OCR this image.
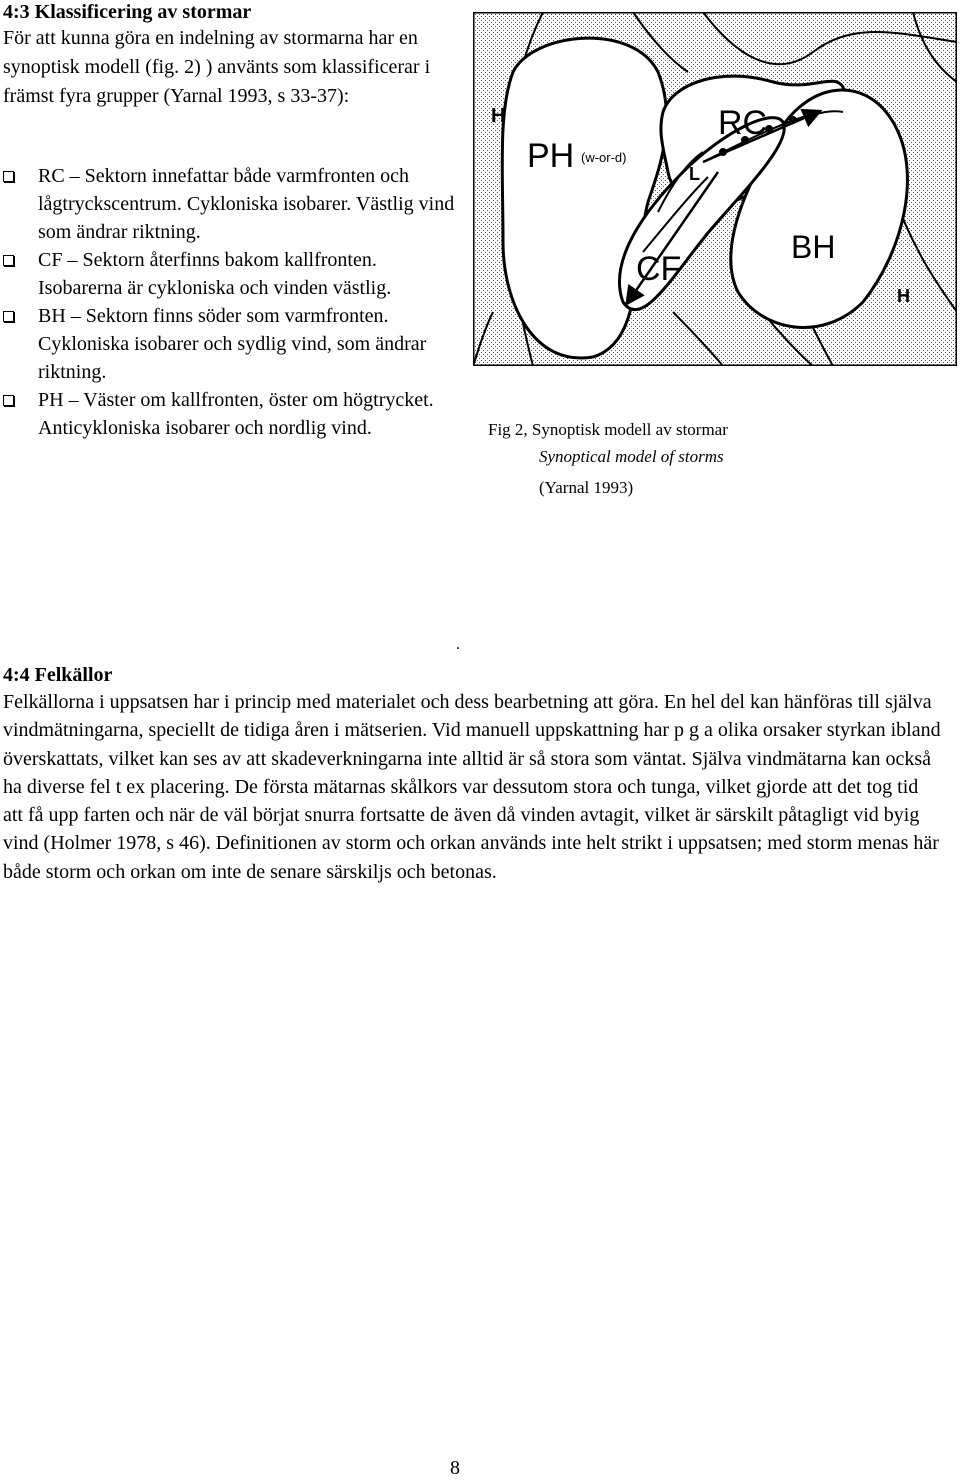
4:3 Klassificering av stormar

För att kunna göra en indelning av stormarna har en synoptisk modell (fig. 2) ) använts som klassificerar i främst fyra grupper (Yarnal 1993, s 33-37):

RC – Sektorn innefattar både varmfronten och lågtryckscentrum. Cykloniska isobarer. Västlig vind som ändrar riktning.
CF – Sektorn återfinns bakom kallfronten. Isobarerna är cykloniska och vinden västlig.
BH – Sektorn finns söder som varmfronten. Cykloniska isobarer och sydlig vind, som ändrar riktning.
PH – Väster om kallfronten, öster om högtrycket. Anticykloniska isobarer och nordlig vind.
H
PH (w-or-d)
L
RC
CF
BH
H

Fig 2, Synoptisk modell av stormar

Synoptical model of storms

(Yarnal 1993)

.
4:4 Felkällor

Felkällorna i uppsatsen har i princip med materialet och dess bearbetning att göra. En hel del kan hänföras till själva vindmätningarna, speciellt de tidiga åren i mätserien. Vid manuell uppskattning har p g a olika orsaker styrkan ibland överskattats, vilket kan ses av att skadeverkningarna inte alltid är så stora som väntat. Själva vindmätarna kan också ha diverse fel t ex placering. De första mätarnas skålkors var dessutom stora och tunga, vilket gjorde att det tog tid att få upp farten och när de väl börjat snurra fortsatte de även då vinden avtagit, vilket är särskilt påtagligt vid byig vind (Holmer 1978, s 46). Definitionen av storm och orkan används inte helt strikt i uppsatsen; med storm menas här både storm och orkan om inte de senare särskiljs och betonas.

8
